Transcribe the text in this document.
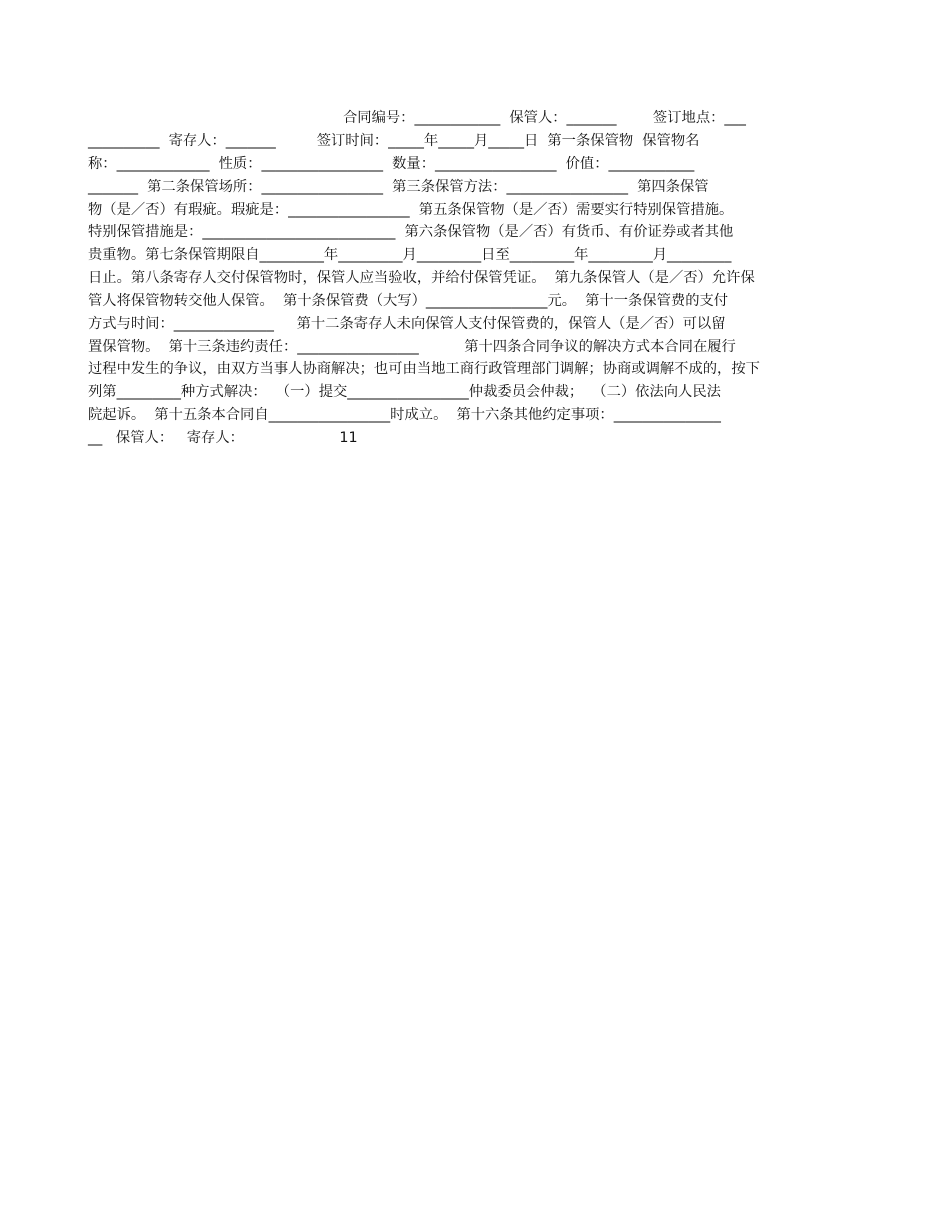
合同编号：____________  保管人：_______        签订地点：___
__________  寄存人：_______         签订时间：_____年_____月_____日  第一条保管物  保管物名
称：_____________  性质：_________________  数量：_________________  价值：____________
_______  第二条保管场所：_________________  第三条保管方法：_________________  第四条保管
物（是／否）有瑕疵。瑕疵是：_________________  第五条保管物（是／否）需要实行特别保管措施。
特别保管措施是：___________________________  第六条保管物（是／否）有货币、有价证券或者其他
贵重物。第七条保管期限自_________年_________月_________日至_________年_________月_________
日止。第八条寄存人交付保管物时，保管人应当验收，并给付保管凭证。  第九条保管人（是／否）允许保
管人将保管物转交他人保管。  第十条保管费（大写）_________________元。  第十一条保管费的支付
方式与时间：______________     第十二条寄存人未向保管人支付保管费的，保管人（是／否）可以留
置保管物。  第十三条违约责任：_________________          第十四条合同争议的解决方式本合同在履行
过程中发生的争议，由双方当事人协商解决；也可由当地工商行政管理部门调解；协商或调解不成的，按下
列第_________种方式解决：  （一）提交_________________仲裁委员会仲裁；  （二）依法向人民法
院起诉。  第十五条本合同自_________________时成立。  第十六条其他约定事项：_______________
__   保管人：   寄存人：                     11
